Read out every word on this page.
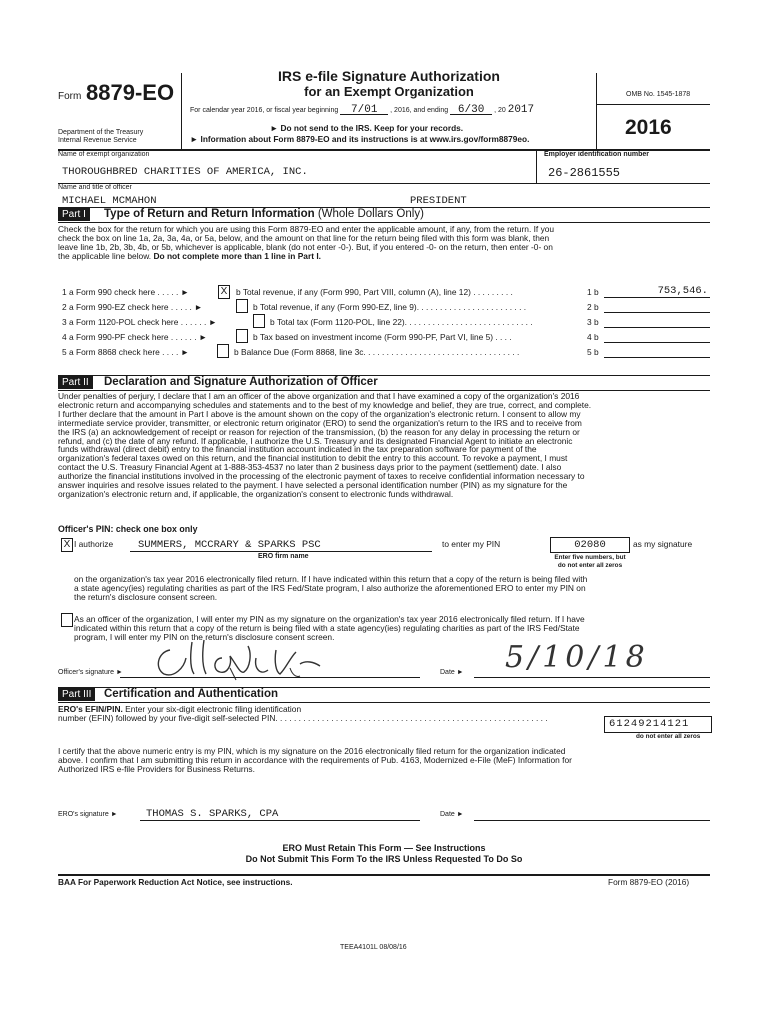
Form 8879-EO
Department of the Treasury
Internal Revenue Service
IRS e-file Signature Authorization
for an Exempt Organization
For calendar year 2016, or fiscal year beginning 7/01 , 2016, and ending 6/30 , 20 2017
► Do not send to the IRS. Keep for your records.
► Information about Form 8879-EO and its instructions is at www.irs.gov/form8879eo.
OMB No. 1545-1878
2016
Name of exempt organization	Employer identification number
THOROUGHBRED CHARITIES OF AMERICA, INC.	26-2861555
Name and title of officer
MICHAEL MCMAHON	PRESIDENT
Part I	Type of Return and Return Information (Whole Dollars Only)
Check the box for the return for which you are using this Form 8879-EO and enter the applicable amount, if any, from the return. If you
check the box on line 1a, 2a, 3a, 4a, or 5a, below, and the amount on that line for the return being filed with this form was blank, then
leave line 1b, 2b, 3b, 4b, or 5b, whichever is applicable, blank (do not enter -0-). But, if you entered -0- on the return, then enter -0- on
the applicable line below. Do not complete more than 1 line in Part I.
1 a Form 990 check here . . . . . ►	X	b Total revenue, if any (Form 990, Part VIII, column (A), line 12) . . . . . . . . .	1 b	753,546.
2 a Form 990-EZ check here . . . . . ►	b Total revenue, if any (Form 990-EZ, line 9). . . . . . . . . . . . . . . . . . . . . . . .	2 b
3 a Form 1120-POL check here . . . . . . ►	b Total tax (Form 1120-POL, line 22). . . . . . . . . . . . . . . . . . . . . . . . . . . .	3 b
4 a Form 990-PF check here . . . . . . ►	b Tax based on investment income (Form 990-PF, Part VI, line 5) . . . .	4 b
5 a Form 8868 check here . . . . ►	b Balance Due (Form 8868, line 3c. . . . . . . . . . . . . . . . . . . . . . . . . . . . . . . . . .	5 b
Part II	Declaration and Signature Authorization of Officer
Under penalties of perjury, I declare that I am an officer of the above organization and that I have examined a copy of the organization's 2016
electronic return and accompanying schedules and statements and to the best of my knowledge and belief, they are true, correct, and complete.
I further declare that the amount in Part I above is the amount shown on the copy of the organization's electronic return. I consent to allow my
intermediate service provider, transmitter, or electronic return originator (ERO) to send the organization's return to the IRS and to receive from
the IRS (a) an acknowledgement of receipt or reason for rejection of the transmission, (b) the reason for any delay in processing the return or
refund, and (c) the date of any refund. If applicable, I authorize the U.S. Treasury and its designated Financial Agent to initiate an electronic
funds withdrawal (direct debit) entry to the financial institution account indicated in the tax preparation software for payment of the
organization's federal taxes owed on this return, and the financial institution to debit the entry to this account. To revoke a payment, I must
contact the U.S. Treasury Financial Agent at 1-888-353-4537 no later than 2 business days prior to the payment (settlement) date. I also
authorize the financial institutions involved in the processing of the electronic payment of taxes to receive confidential information necessary to
answer inquiries and resolve issues related to the payment. I have selected a personal identification number (PIN) as my signature for the
organization's electronic return and, if applicable, the organization's consent to electronic funds withdrawal.
Officer's PIN: check one box only
X I authorize SUMMERS, MCCRARY & SPARKS PSC
ERO firm name
to enter my PIN	02080	as my signature
Enter five numbers, but
do not enter all zeros
on the organization's tax year 2016 electronically filed return. If I have indicated within this return that a copy of the return is being filed with
a state agency(ies) regulating charities as part of the IRS Fed/State program, I also authorize the aforementioned ERO to enter my PIN on
the return's disclosure consent screen.
As an officer of the organization, I will enter my PIN as my signature on the organization's tax year 2016 electronically filed return. If I have
indicated within this return that a copy of the return is being filed with a state agency(ies) regulating charities as part of the IRS Fed/State
program, I will enter my PIN on the return's disclosure consent screen.
Officer's signature ►	Date ► 5/10/18
Part III	Certification and Authentication
ERO's EFIN/PIN. Enter your six-digit electronic filing identification
number (EFIN) followed by your five-digit self-selected PIN. . . . . . . . . . . . . . . . . . . . . . . . . . . . . . . . . . . . . . . . . . . . . . . . . . . . . . . . . . .
61249214121
do not enter all zeros
I certify that the above numeric entry is my PIN, which is my signature on the 2016 electronically filed return for the organization indicated
above. I confirm that I am submitting this return in accordance with the requirements of Pub. 4163, Modernized e-File (MeF) Information for
Authorized IRS e-file Providers for Business Returns.
ERO's signature ►	THOMAS S. SPARKS, CPA	Date ►
ERO Must Retain This Form — See Instructions
Do Not Submit This Form To the IRS Unless Requested To Do So
BAA For Paperwork Reduction Act Notice, see instructions.	Form 8879-EO (2016)
TEEA4101L 08/08/16
